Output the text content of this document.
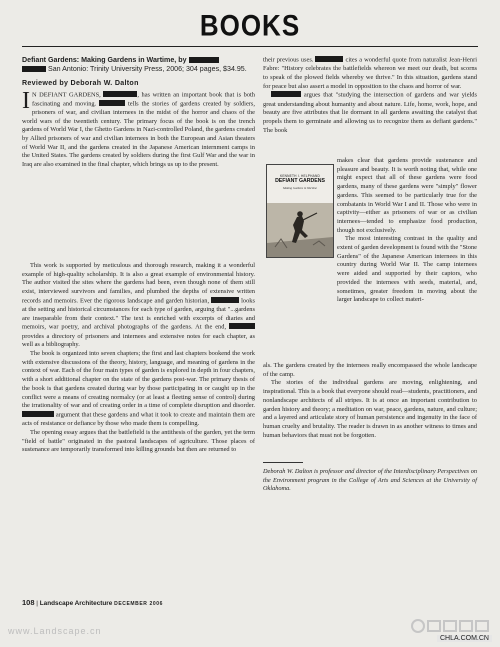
BOOKS
Defiant Gardens: Making Gardens in Wartime, by
San Antonio: Trinity University Press, 2006; 304 pages, $34.95.
Reviewed by Deborah W. Dalton

I N DEFIANT GARDENS,	, has written an important book that is both fascinating and moving.	tells the stories of gardens created by soldiers, prisoners of war, and civilian internees in the midst of the horror and chaos of the world wars of the twentieth century. The primary focus of the book is on the trench gardens of World War I, the Ghetto Gardens in Nazi-controlled Poland, the gardens created by Allied prisoners of war and civilian internees in both the European and Asian theaters of World War II, and the gardens created in the Japanese American internment camps in the United States. The gardens created by soldiers during the first Gulf War and the war in Iraq are also examined in the final chapter, which brings us up to the present.

This work is supported by meticulous and thorough research, making it a wonderful example of high-quality scholarship. It is also a great example of environmental history. The author visited the sites where the gardens had been, even though none of them still exist, interviewed survivors and families, and plumbed the depths of extensive written records and memoirs. Ever the rigorous landscape and garden historian,	looks at the setting and historical circumstances for each type of garden, arguing that "...gardens are inseparable from their context." The text is enriched with excerpts of diaries and memoirs, war poetry, and archival photographs of the gardens. At the end,  provides a directory of prisoners and internees and extensive notes for each chapter, as well as a bibliography.

The book is organized into seven chapters; the first and last chapters bookend the work with extensive discussions of the theory, history, language, and meaning of gardens in the context of war. Each of the four main types of garden is explored in depth in four chapters, with a short additional chapter on the state of the gardens post-war. The primary thesis of the book is that gardens created during war by those participating in or caught up in the conflict were a means of creating normalcy (or at least a fleeting sense of control) during the irrationality of war and of creating order in a time of complete disruption and disorder.  argument that these gardens and what it took to create and maintain them are acts of resistance or defiance by those who made them is compelling.

The opening essay argues that the battlefield is the antithesis of the garden, yet the term "field of battle" originated in the pastoral landscapes of agriculture. Those places of sustenance are temporarily transformed into killing grounds but then are returned to

their previous uses.	cites a wonderful quote from naturalist Jean-Henri Fabre: "History celebrates the battlefields whereon we meet our death, but scorns to speak of the plowed fields whereby we thrive." In this situation, gardens stand for peace but also assert a model in opposition to the chaos and horror of war.

argues that "studying the intersection of gardens and war yields great understanding about humanity and about nature. Life, home, work, hope, and beauty are five attributes that lie dormant in all gardens awaiting the catalyst that propels them to germinate and allowing us to recognize them as defiant gardens." The book

KENNETH I. HELPHAND
DEFIANT GARDENS
Making Gardens in Wartime

makes clear that gardens provide sustenance and pleasure and beauty. It is worth noting that, while one might expect that all of these gardens were food gardens, many of these gardens were "simply" flower gardens. This seemed to be particularly true for the combatants in World War I and II. Those who were in captivity—either as prisoners of war or as civilian internees—tended to emphasize food production, though not exclusively.

The most interesting contrast in the quality and extent of garden development is found with the "Stone Gardens" of the Japanese American internees in this country during World War II. The camp internees were aided and supported by their captors, who provided the internees with seeds, material, and, sometimes, greater freedom in moving about the larger landscape to collect materi-

als. The gardens created by the internees really encompassed the whole landscape of the camp.

The stories of the individual gardens are moving, enlightening, and inspirational. This is a book that everyone should read—students, practitioners, and nonlandscape architects of all stripes. It is at once an important contribution to garden history and theory; a meditation on war, peace, gardens, nature, and culture; and a layered and articulate story of human persistence and ingenuity in the face of human cruelty and brutality. The reader is drawn in as another witness to times and human behaviors that must not be forgotten.

Deborah W. Dalton is professor and director of the Interdisciplinary Perspectives on the Environment program in the College of Arts and Sciences at the University of Oklahoma.
108 | Landscape Architecture DECEMBER 2006
www.Landscape.cn
CHLA.COM.CN
